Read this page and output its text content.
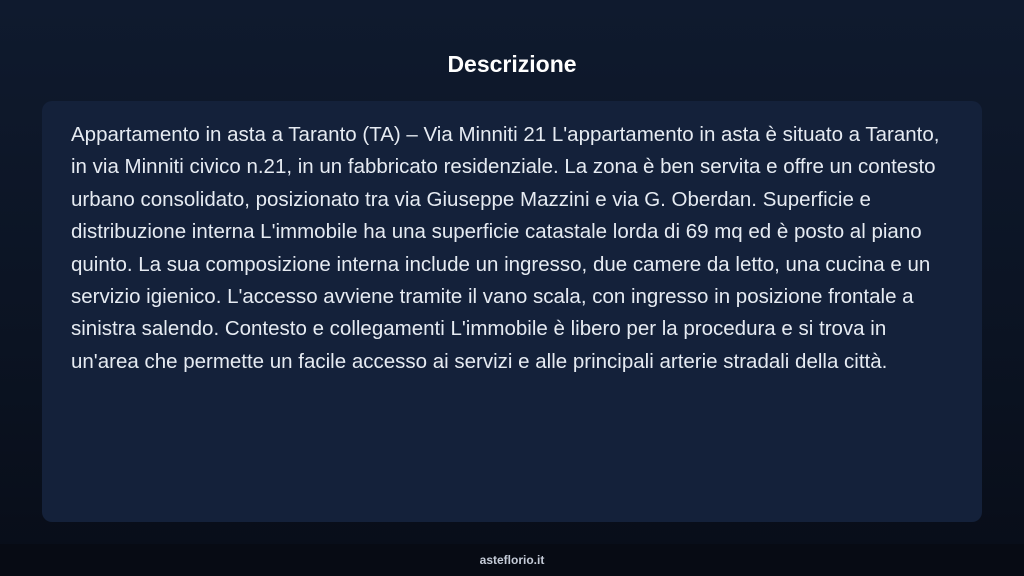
Descrizione

Appartamento in asta a Taranto (TA) – Via Minniti 21 L'appartamento in asta è situato a Taranto, in via Minniti civico n.21, in un fabbricato residenziale. La zona è ben servita e offre un contesto urbano consolidato, posizionato tra via Giuseppe Mazzini e via G. Oberdan. Superficie e distribuzione interna L'immobile ha una superficie catastale lorda di 69 mq ed è posto al piano quinto. La sua composizione interna include un ingresso, due camere da letto, una cucina e un servizio igienico. L'accesso avviene tramite il vano scala, con ingresso in posizione frontale a sinistra salendo. Contesto e collegamenti L'immobile è libero per la procedura e si trova in un'area che permette un facile accesso ai servizi e alle principali arterie stradali della città.

asteflorio.it
